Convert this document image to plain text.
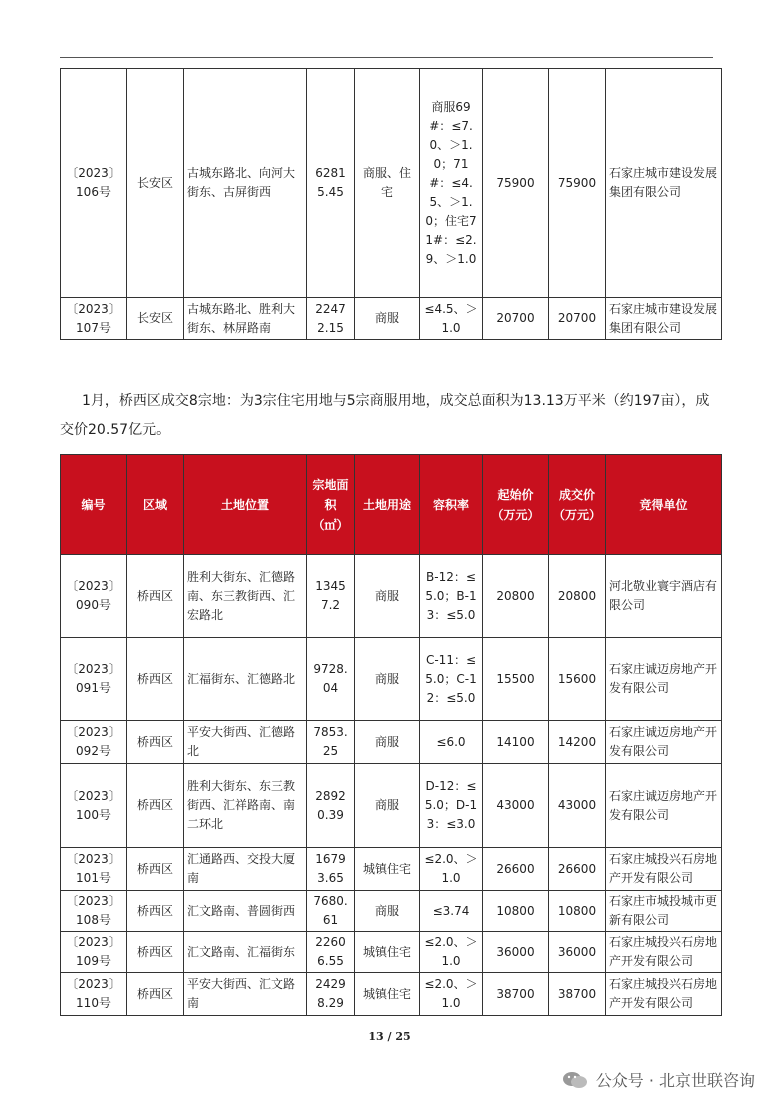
〔2023〕106号	长安区	古城东路北、向河大街东、古屏街西	62815.45	商服、住宅	商服69#：≤7.0、＞1.0；71#：≤4.5、＞1.0；住宅71#：≤2.9、＞1.0	75900	75900	石家庄城市建设发展集团有限公司
〔2023〕107号	长安区	古城东路北、胜利大街东、林屏路南	22472.15	商服	≤4.5、＞1.0	20700	20700	石家庄城市建设发展集团有限公司

1月，桥西区成交8宗地：为3宗住宅用地与5宗商服用地，成交总面积为13.13万平米（约197亩），成交价20.57亿元。

编号	区域	土地位置	宗地面积（㎡）	土地用途	容积率	起始价（万元）	成交价（万元）	竞得单位
〔2023〕090号	桥西区	胜利大街东、汇德路南、东三教街西、汇宏路北	13457.2	商服	B-12：≤5.0；B-13：≤5.0	20800	20800	河北敬业寰宇酒店有限公司
〔2023〕091号	桥西区	汇福街东、汇德路北	9728.04	商服	C-11：≤5.0；C-12：≤5.0	15500	15600	石家庄诚迈房地产开发有限公司
〔2023〕092号	桥西区	平安大街西、汇德路北	7853.25	商服	≤6.0	14100	14200	石家庄诚迈房地产开发有限公司
〔2023〕100号	桥西区	胜利大街东、东三教街西、汇祥路南、南二环北	28920.39	商服	D-12：≤5.0；D-13：≤3.0	43000	43000	石家庄诚迈房地产开发有限公司
〔2023〕101号	桥西区	汇通路西、交投大厦南	16793.65	城镇住宅	≤2.0、＞1.0	26600	26600	石家庄城投兴石房地产开发有限公司
〔2023〕108号	桥西区	汇文路南、普圆街西	7680.61	商服	≤3.74	10800	10800	石家庄市城投城市更新有限公司
〔2023〕109号	桥西区	汇文路南、汇福街东	22606.55	城镇住宅	≤2.0、＞1.0	36000	36000	石家庄城投兴石房地产开发有限公司
〔2023〕110号	桥西区	平安大街西、汇文路南	24298.29	城镇住宅	≤2.0、＞1.0	38700	38700	石家庄城投兴石房地产开发有限公司
13 / 25
公众号 · 北京世联咨询
